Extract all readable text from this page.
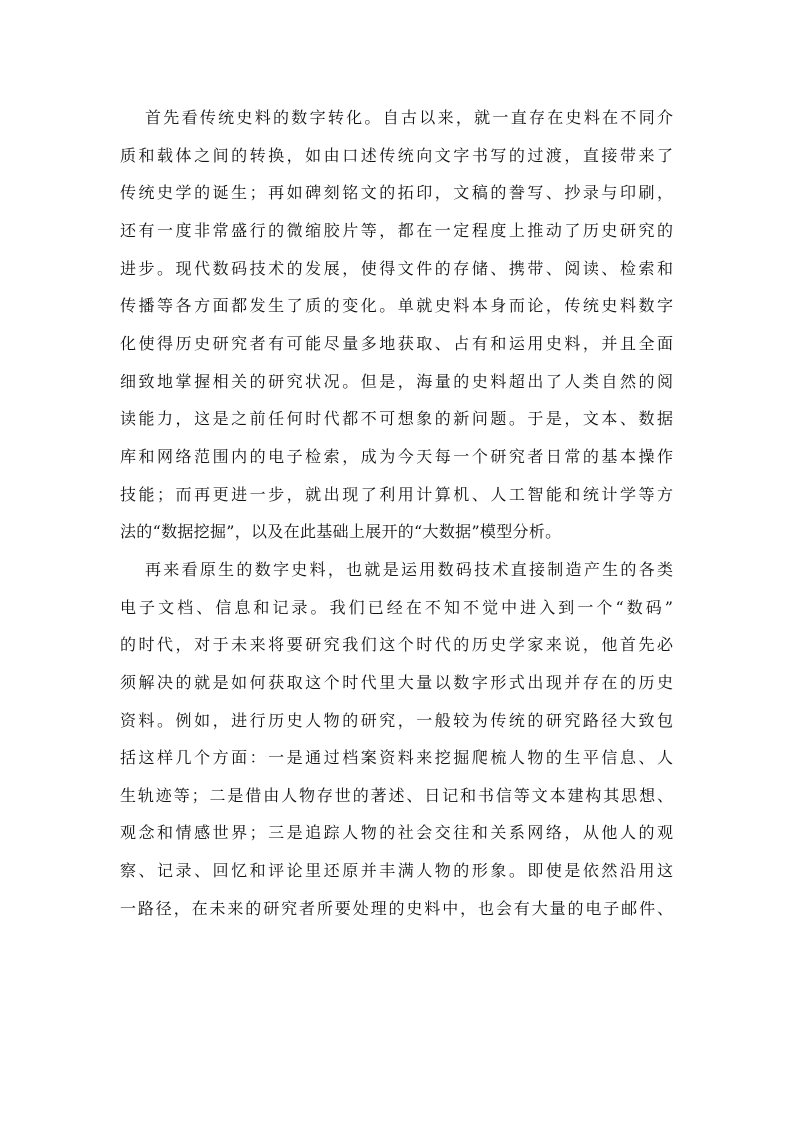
首先看传统史料的数字转化。自古以来，就一直存在史料在不同介
质和载体之间的转换，如由口述传统向文字书写的过渡，直接带来了
传统史学的诞生；再如碑刻铭文的拓印，文稿的誊写、抄录与印刷，
还有一度非常盛行的微缩胶片等，都在一定程度上推动了历史研究的
进步。现代数码技术的发展，使得文件的存储、携带、阅读、检索和
传播等各方面都发生了质的变化。单就史料本身而论，传统史料数字
化使得历史研究者有可能尽量多地获取、占有和运用史料，并且全面
细致地掌握相关的研究状况。但是，海量的史料超出了人类自然的阅
读能力，这是之前任何时代都不可想象的新问题。于是，文本、数据
库和网络范围内的电子检索，成为今天每一个研究者日常的基本操作
技能；而再更进一步，就出现了利用计算机、人工智能和统计学等方
法的“数据挖掘”，以及在此基础上展开的“大数据”模型分析。
再来看原生的数字史料，也就是运用数码技术直接制造产生的各类
电子文档、信息和记录。我们已经在不知不觉中进入到一个“数码”
的时代，对于未来将要研究我们这个时代的历史学家来说，他首先必
须解决的就是如何获取这个时代里大量以数字形式出现并存在的历史
资料。例如，进行历史人物的研究，一般较为传统的研究路径大致包
括这样几个方面：一是通过档案资料来挖掘爬梳人物的生平信息、人
生轨迹等；二是借由人物存世的著述、日记和书信等文本建构其思想、
观念和情感世界；三是追踪人物的社会交往和关系网络，从他人的观
察、记录、回忆和评论里还原并丰满人物的形象。即使是依然沿用这
一路径，在未来的研究者所要处理的史料中，也会有大量的电子邮件、
